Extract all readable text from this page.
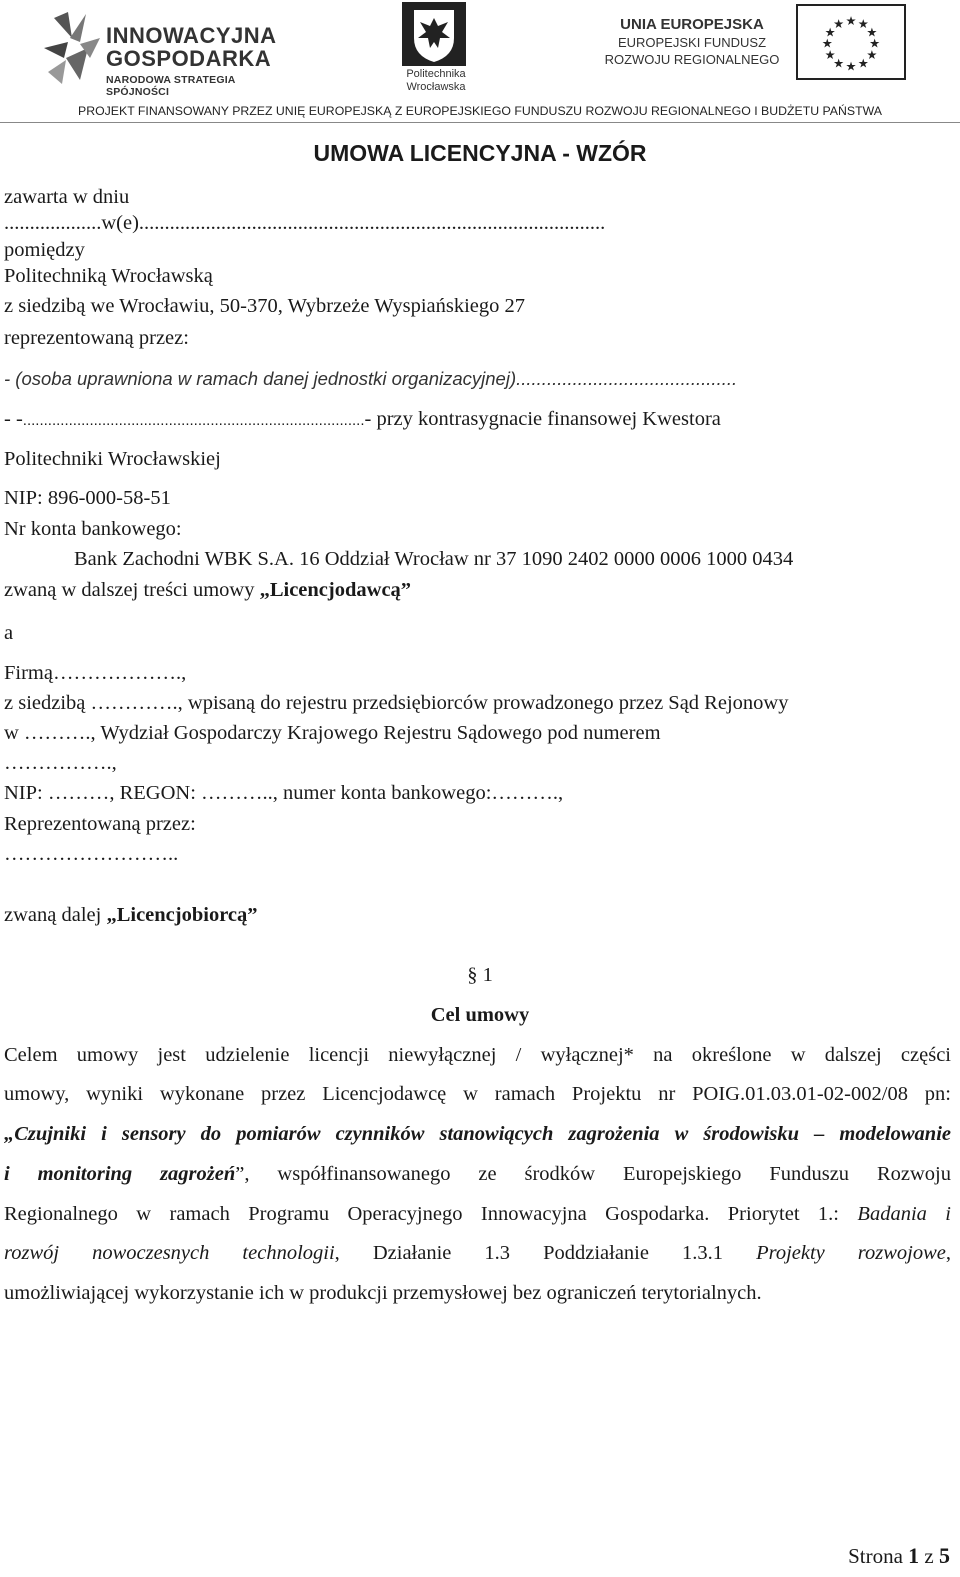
INNOWACYJNA
GOSPODARKA
NARODOWA STRATEGIA SPÓJNOŚCI
Politechnika
Wrocławska
UNIA EUROPEJSKA
EUROPEJSKI FUNDUSZ
ROZWOJU REGIONALNEGO
★ ★
★
★
★
★
★
★
★
★
★
★
PROJEKT FINANSOWANY PRZEZ UNIĘ EUROPEJSKĄ Z EUROPEJSKIEGO FUNDUSZU ROZWOJU REGIONALNEGO I BUDŻETU PAŃSTWA
UMOWA LICENCYJNA - WZÓR
zawarta w dniu
...................w(e)...........................................................................................
pomiędzy
Politechniką Wrocławską
z siedzibą we Wrocławiu, 50-370, Wybrzeże Wyspiańskiego 27
reprezentowaną przez:
- (osoba uprawniona w ramach danej jednostki organizacyjnej)...........................................
- -..................................................................................- przy kontrasygnacie finansowej Kwestora
Politechniki Wrocławskiej
NIP: 896-000-58-51
Nr konta bankowego:
Bank Zachodni WBK S.A. 16 Oddział Wrocław nr 37 1090 2402 0000 0006 1000 0434
zwaną w dalszej treści umowy „Licencjodawcą”
a
Firmą……………….,
z siedzibą …………., wpisaną do rejestru przedsiębiorców prowadzonego przez Sąd Rejonowy
w ………., Wydział Gospodarczy Krajowego Rejestru Sądowego pod numerem
…………….,
NIP: ………, REGON: ……….., numer konta bankowego:……….,
Reprezentowaną przez:
……………………..
zwaną dalej „Licencjobiorcą”
§ 1
Cel umowy
Celem umowy jest udzielenie licencji niewyłącznej / wyłącznej* na określone w dalszej części
umowy, wyniki wykonane przez Licencjodawcę w ramach Projektu nr POIG.01.03.01-02-002/08 pn:
„Czujniki i sensory do pomiarów czynników stanowiących zagrożenia w środowisku – modelowanie
i monitoring zagrożeń”, współfinansowanego ze środków Europejskiego Funduszu Rozwoju
Regionalnego w ramach Programu Operacyjnego Innowacyjna Gospodarka. Priorytet 1.: Badania i
rozwój nowoczesnych technologii, Działanie 1.3 Poddziałanie 1.3.1 Projekty rozwojowe,
umożliwiającej wykorzystanie ich w produkcji przemysłowej bez ograniczeń terytorialnych.
Strona 1 z 5
